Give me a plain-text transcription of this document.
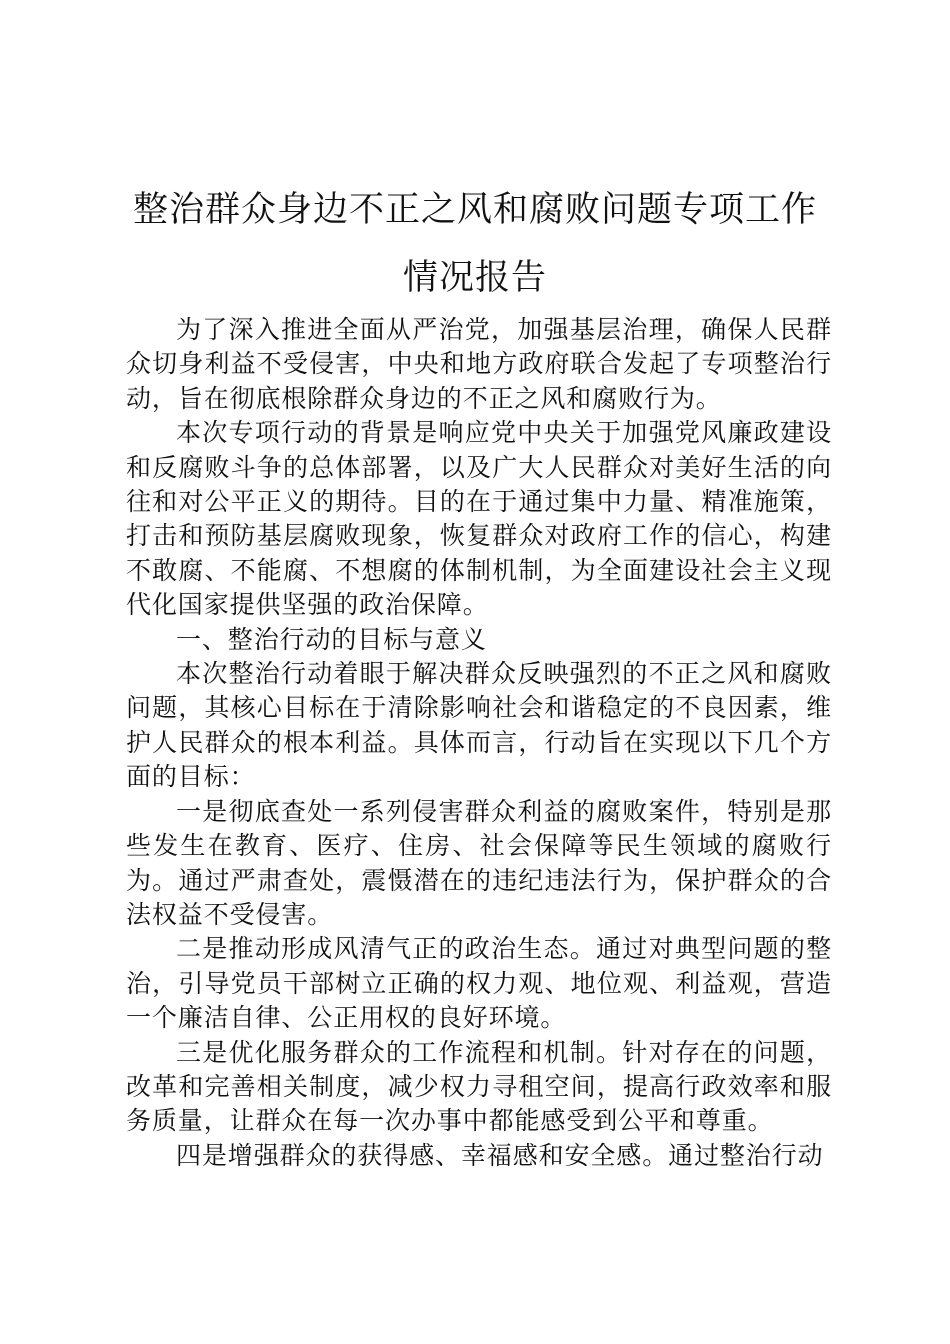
整治群众身边不正之风和腐败问题专项工作
情况报告

为了深入推进全面从严治党，加强基层治理，确保人民群众切身利益不受侵害，中央和地方政府联合发起了专项整治行动，旨在彻底根除群众身边的不正之风和腐败行为。

本次专项行动的背景是响应党中央关于加强党风廉政建设和反腐败斗争的总体部署，以及广大人民群众对美好生活的向往和对公平正义的期待。目的在于通过集中力量、精准施策，打击和预防基层腐败现象，恢复群众对政府工作的信心，构建不敢腐、不能腐、不想腐的体制机制，为全面建设社会主义现代化国家提供坚强的政治保障。

一、整治行动的目标与意义

本次整治行动着眼于解决群众反映强烈的不正之风和腐败问题，其核心目标在于清除影响社会和谐稳定的不良因素，维护人民群众的根本利益。具体而言，行动旨在实现以下几个方面的目标：

一是彻底查处一系列侵害群众利益的腐败案件，特别是那些发生在教育、医疗、住房、社会保障等民生领域的腐败行为。通过严肃查处，震慑潜在的违纪违法行为，保护群众的合法权益不受侵害。

二是推动形成风清气正的政治生态。通过对典型问题的整治，引导党员干部树立正确的权力观、地位观、利益观，营造一个廉洁自律、公正用权的良好环境。

三是优化服务群众的工作流程和机制。针对存在的问题，改革和完善相关制度，减少权力寻租空间，提高行政效率和服务质量，让群众在每一次办事中都能感受到公平和尊重。

四是增强群众的获得感、幸福感和安全感。通过整治行动
